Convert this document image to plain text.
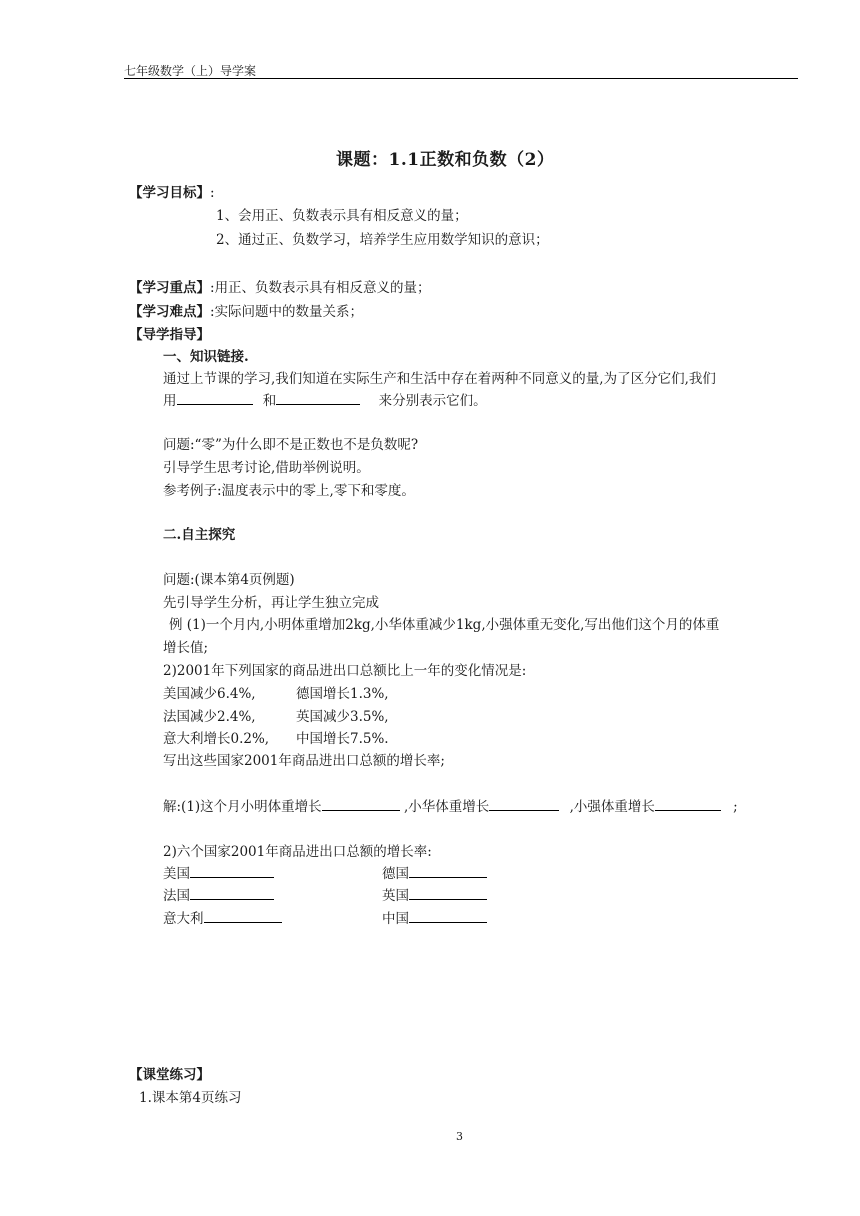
七年级数学（上）导学案
课题：1.1正数和负数（2）
【学习目标】:
1、会用正、负数表示具有相反意义的量；
2、通过正、负数学习，培养学生应用数学知识的意识；
【学习重点】:用正、负数表示具有相反意义的量；
【学习难点】:实际问题中的数量关系；
【导学指导】
一、知识链接.
通过上节课的学习,我们知道在实际生产和生活中存在着两种不同意义的量,为了区分它们,我们
用	和	来分别表示它们。
问题:“零”为什么即不是正数也不是负数呢?
引导学生思考讨论,借助举例说明。
参考例子:温度表示中的零上,零下和零度。
二.自主探究
问题:(课本第4页例题)
先引导学生分析，再让学生独立完成
例 (1)一个月内,小明体重增加2kg,小华体重减少1kg,小强体重无变化,写出他们这个月的体重
增长值;
2)2001年下列国家的商品进出口总额比上一年的变化情况是:
美国减少6.4%,	德国增长1.3%,
法国减少2.4%,	英国减少3.5%,
意大利增长0.2%, 中国增长7.5%.
写出这些国家2001年商品进出口总额的增长率;
解:(1)这个月小明体重增长	,小华体重增长	,小强体重增长	;
2)六个国家2001年商品进出口总额的增长率:
美国	德国
法国	英国
意大利	中国
【课堂练习】
1.课本第4页练习
3
